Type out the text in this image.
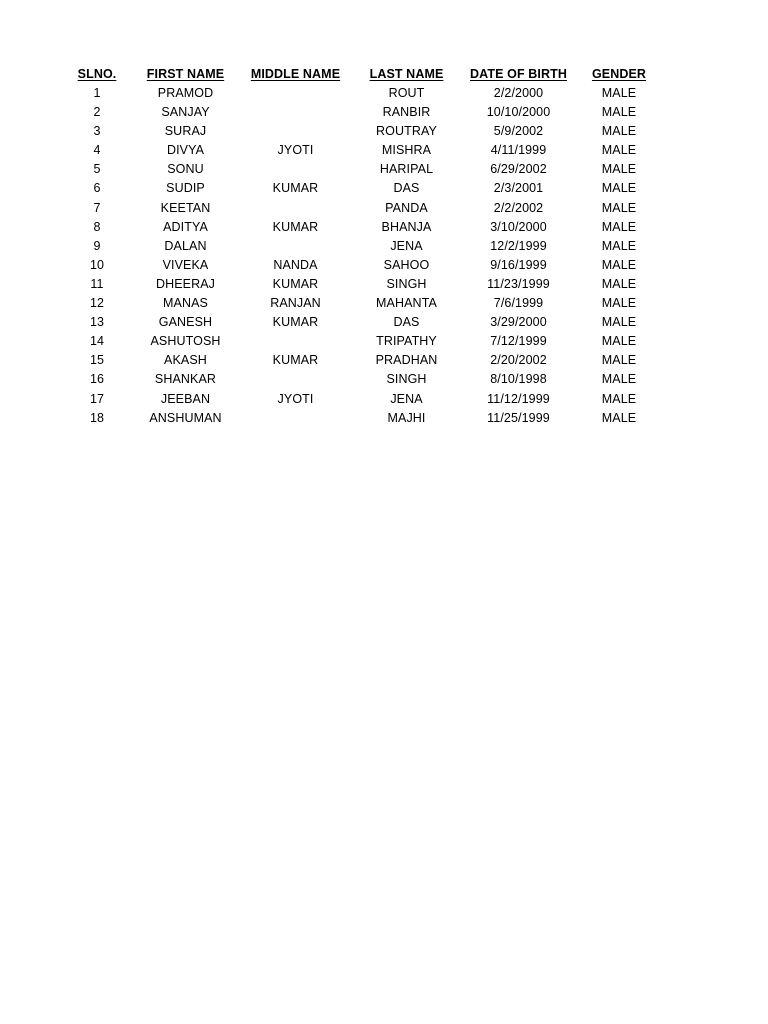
SLNO.	FIRST NAME	MIDDLE NAME	LAST NAME	DATE OF BIRTH	GENDER
1	PRAMOD		ROUT	2/2/2000	MALE
2	SANJAY		RANBIR	10/10/2000	MALE
3	SURAJ		ROUTRAY	5/9/2002	MALE
4	DIVYA	JYOTI	MISHRA	4/11/1999	MALE
5	SONU		HARIPAL	6/29/2002	MALE
6	SUDIP	KUMAR	DAS	2/3/2001	MALE
7	KEETAN		PANDA	2/2/2002	MALE
8	ADITYA	KUMAR	BHANJA	3/10/2000	MALE
9	DALAN		JENA	12/2/1999	MALE
10	VIVEKA	NANDA	SAHOO	9/16/1999	MALE
11	DHEERAJ	KUMAR	SINGH	11/23/1999	MALE
12	MANAS	RANJAN	MAHANTA	7/6/1999	MALE
13	GANESH	KUMAR	DAS	3/29/2000	MALE
14	ASHUTOSH		TRIPATHY	7/12/1999	MALE
15	AKASH	KUMAR	PRADHAN	2/20/2002	MALE
16	SHANKAR		SINGH	8/10/1998	MALE
17	JEEBAN	JYOTI	JENA	11/12/1999	MALE
18	ANSHUMAN		MAJHI	11/25/1999	MALE
